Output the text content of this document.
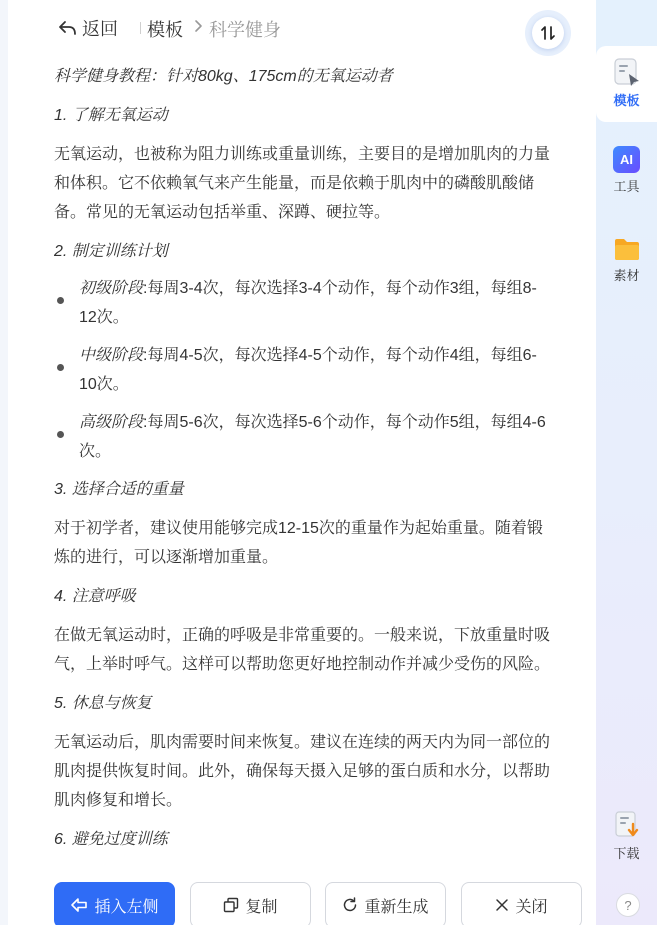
返回 模板 科学健身
科学健身教程：针对80kg、175cm的无氧运动者
1. 了解无氧运动
无氧运动，也被称为阻力训练或重量训练，主要目的是增加肌肉的力量和体积。它不依赖氧气来产生能量，而是依赖于肌肉中的磷酸肌酸储备。常见的无氧运动包括举重、深蹲、硬拉等。
2. 制定训练计划
初级阶段:每周3-4次，每次选择3-4个动作，每个动作3组，每组8-12次。
中级阶段:每周4-5次，每次选择4-5个动作，每个动作4组，每组6-10次。
高级阶段:每周5-6次，每次选择5-6个动作，每个动作5组，每组4-6次。
3. 选择合适的重量
对于初学者，建议使用能够完成12-15次的重量作为起始重量。随着锻炼的进行，可以逐渐增加重量。
4. 注意呼吸
在做无氧运动时，正确的呼吸是非常重要的。一般来说，下放重量时吸气，上举时呼气。这样可以帮助您更好地控制动作并减少受伤的风险。
5. 休息与恢复
无氧运动后，肌肉需要时间来恢复。建议在连续的两天内为同一部位的肌肉提供恢复时间。此外，确保每天摄入足够的蛋白质和水分，以帮助肌肉修复和增长。
6. 避免过度训练
插入左侧	复制	重新生成	关闭
模板
AI
工具
素材
下载
?
